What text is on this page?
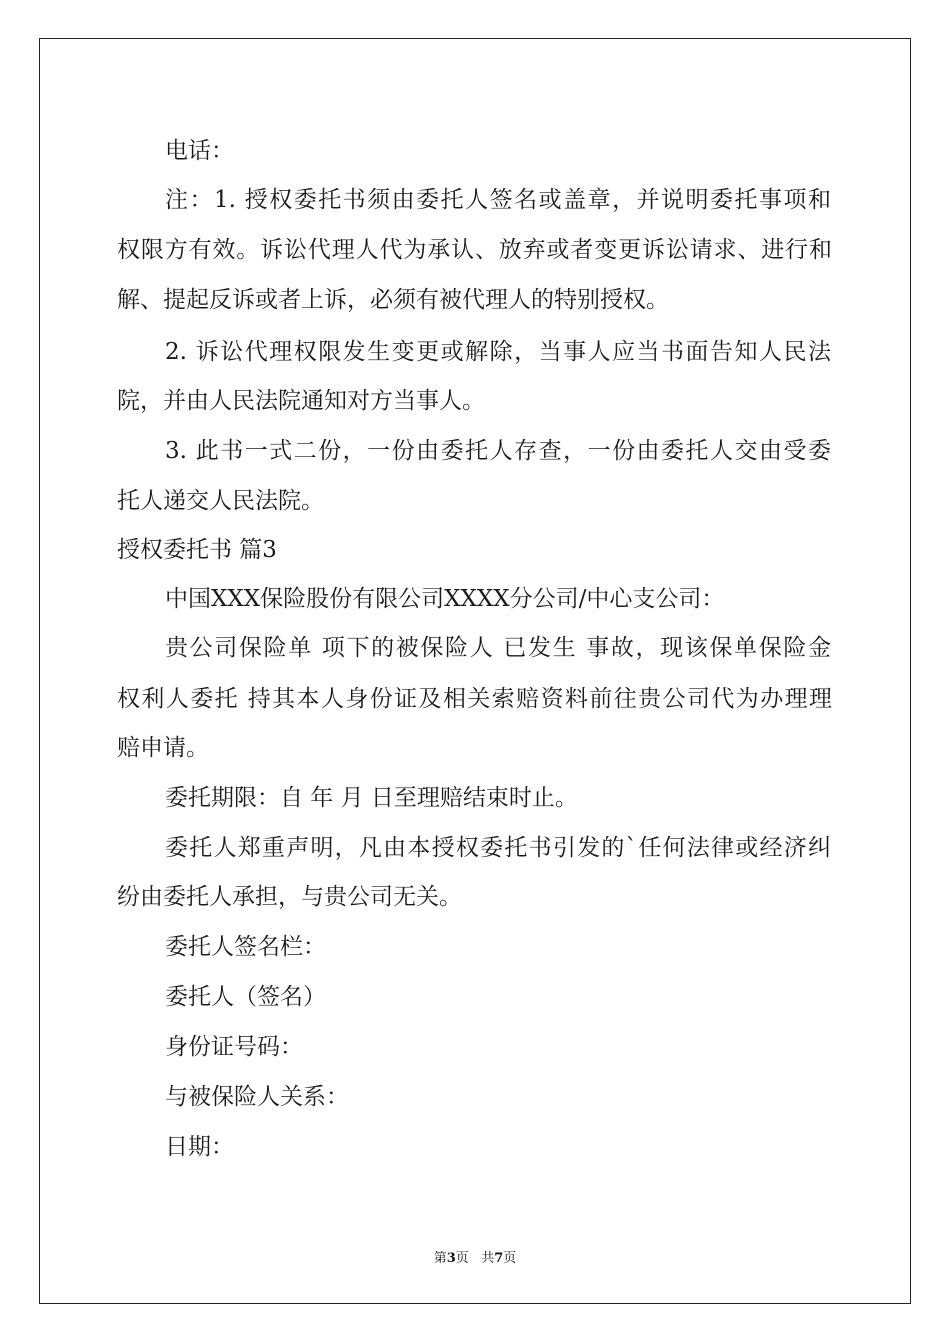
电话：
注：1. 授权委托书须由委托人签名或盖章，并说明委托事项和
权限方有效。诉讼代理人代为承认、放弃或者变更诉讼请求、进行和
解、提起反诉或者上诉，必须有被代理人的特别授权。
2. 诉讼代理权限发生变更或解除，当事人应当书面告知人民法
院，并由人民法院通知对方当事人。
3. 此书一式二份，一份由委托人存查，一份由委托人交由受委
托人递交人民法院。
授权委托书 篇3
中国XXX保险股份有限公司XXXX分公司/中心支公司：
贵公司保险单 项下的被保险人 已发生 事故，现该保单保险金
权利人委托 持其本人身份证及相关索赔资料前往贵公司代为办理理
赔申请。
委托期限：自 年 月 日至理赔结束时止。
委托人郑重声明，凡由本授权委托书引发的`任何法律或经济纠
纷由委托人承担，与贵公司无关。
委托人签名栏：
委托人（签名）
身份证号码：
与被保险人关系：
日期：
第3页 共7页
